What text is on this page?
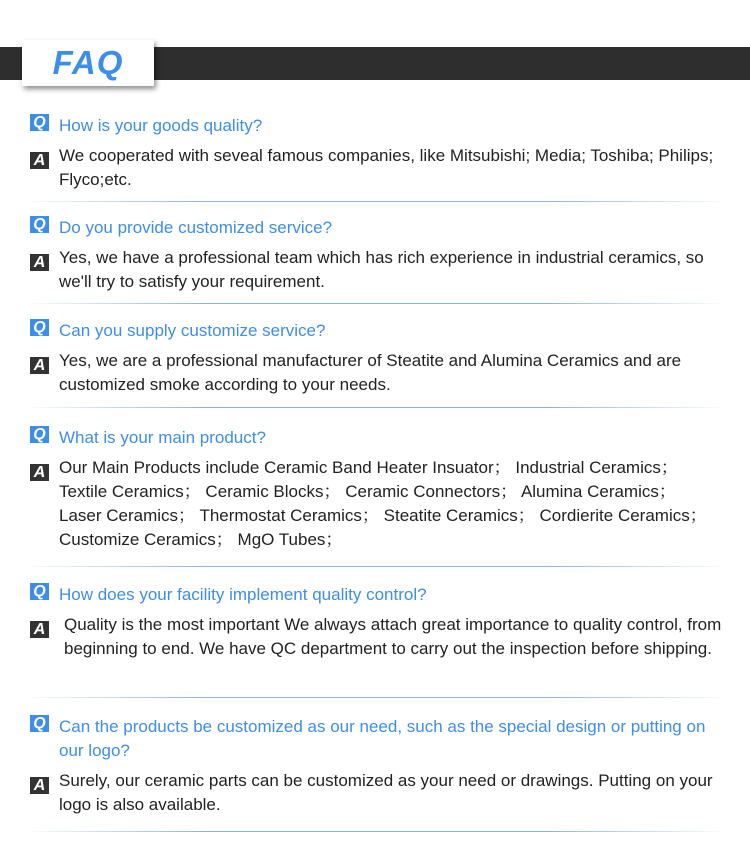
FAQ
Q How is your goods quality?
A We cooperated with seveal famous companies, like Mitsubishi; Media; Toshiba; Philips; Flyco;etc.
Q Do you provide customized service?
A Yes, we have a professional team which has rich experience in industrial ceramics, so we'll try to satisfy your requirement.
Q Can you supply customize service?
A Yes, we are a professional manufacturer of Steatite and Alumina Ceramics and are customized smoke according to your needs.
Q What is your main product?
A Our Main Products include Ceramic Band Heater Insuator； Industrial Ceramics； Textile Ceramics； Ceramic Blocks； Ceramic Connectors； Alumina Ceramics； Laser Ceramics； Thermostat Ceramics； Steatite Ceramics； Cordierite Ceramics； Customize Ceramics； MgO Tubes；
Q How does your facility implement quality control?
A Quality is the most important We always attach great importance to quality control, from beginning to end. We have QC department to carry out the inspection before shipping.
Q Can the products be customized as our need, such as the special design or putting on our logo?
A Surely, our ceramic parts can be customized as your need or drawings. Putting on your logo is also available.
